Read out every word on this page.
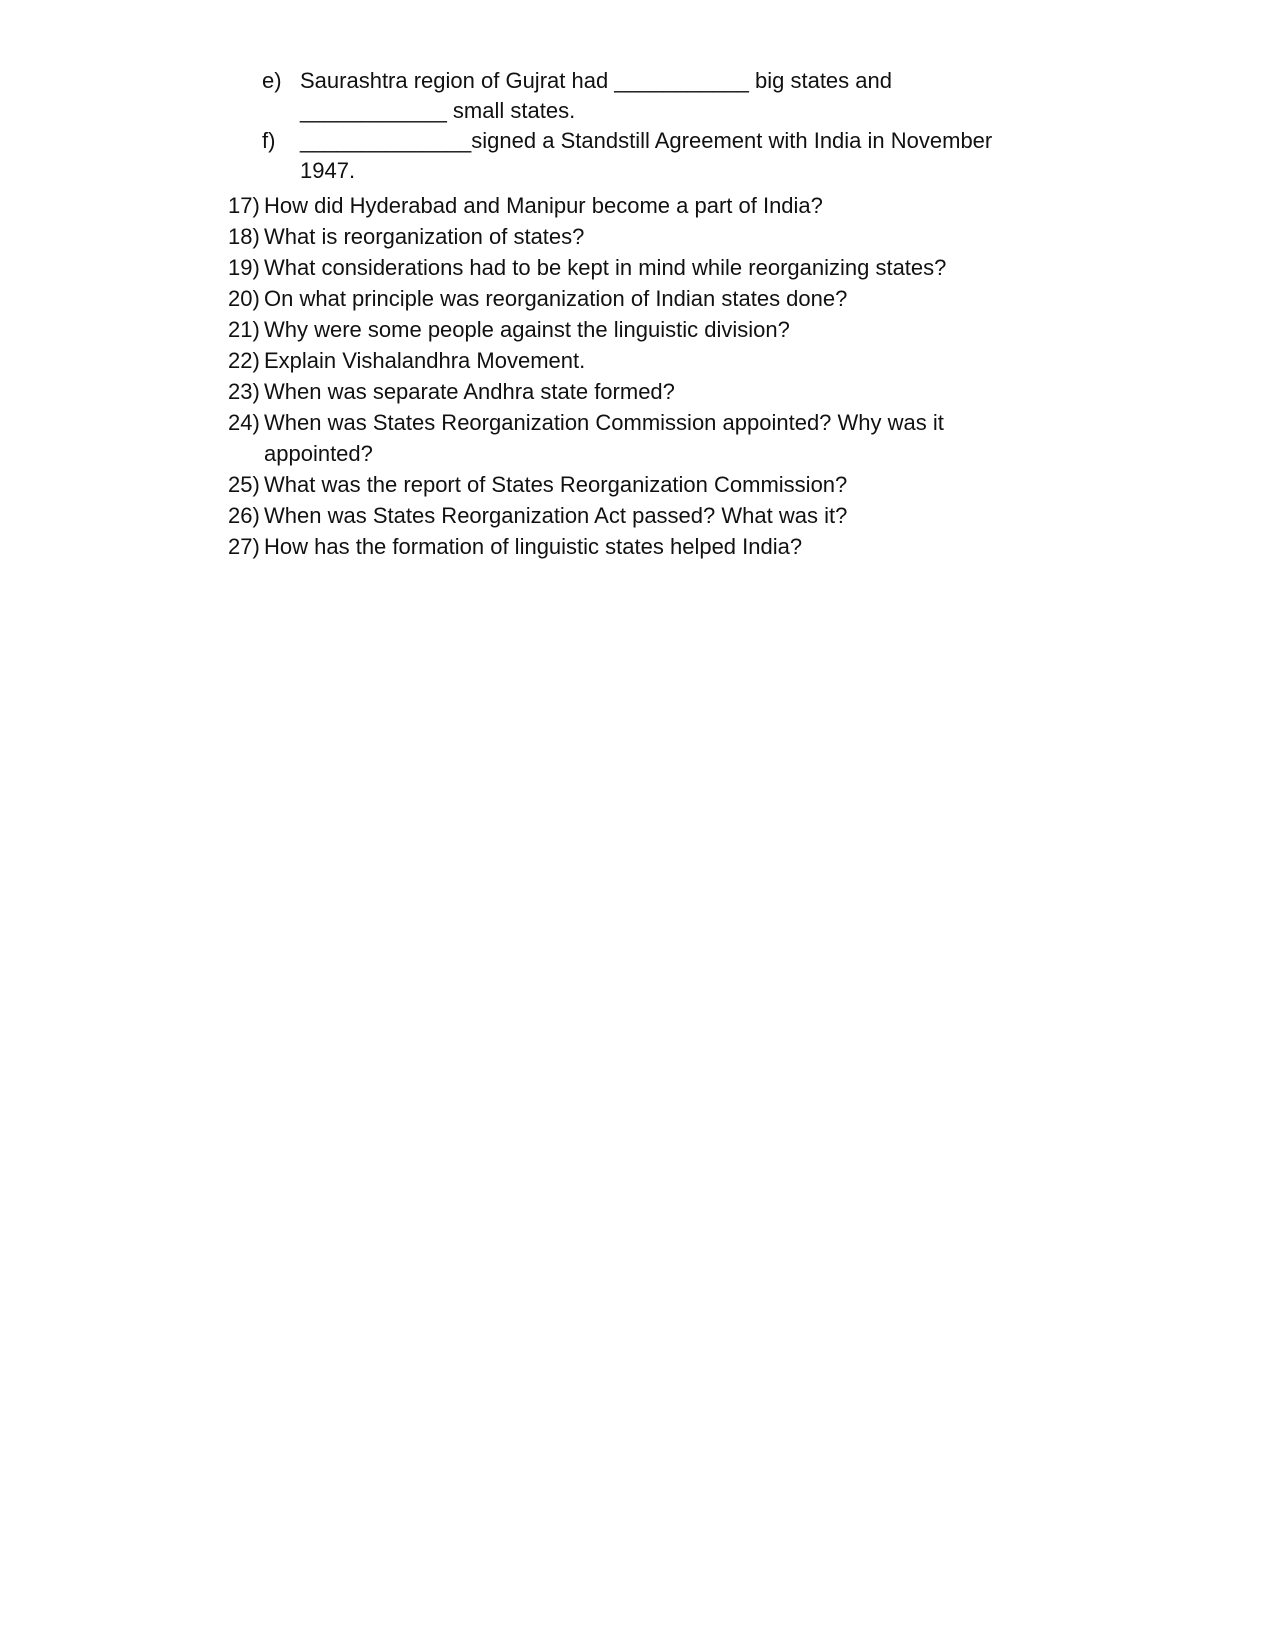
e) Saurashtra region of Gujrat had ___________ big states and
____________ small states.
f)	______________signed a Standstill Agreement with India in November
1947.
17) How did Hyderabad and Manipur become a part of India?
18) What is reorganization of states?
19) What considerations had to be kept in mind while reorganizing states?
20) On what principle was reorganization of Indian states done?
21) Why were some people against the linguistic division?
22) Explain Vishalandhra Movement.
23) When was separate Andhra state formed?
24) When was States Reorganization Commission appointed? Why was it appointed?
25) What was the report of States Reorganization Commission?
26) When was States Reorganization Act passed? What was it?
27) How has the formation of linguistic states helped India?
